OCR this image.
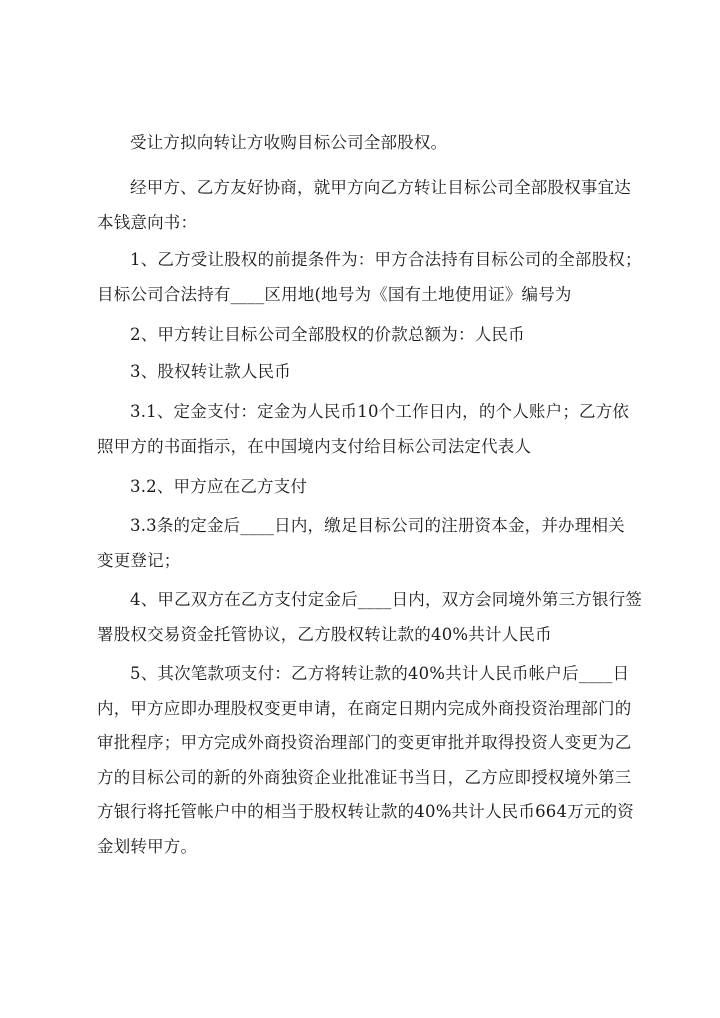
受让方拟向转让方收购目标公司全部股权。
经甲方、乙方友好协商，就甲方向乙方转让目标公司全部股权事宜达
本钱意向书：
1、乙方受让股权的前提条件为：甲方合法持有目标公司的全部股权；
目标公司合法持有____区用地(地号为《国有土地使用证》编号为
2、甲方转让目标公司全部股权的价款总额为：人民币
3、股权转让款人民币
3.1、定金支付：定金为人民币10个工作日内，的个人账户；乙方依
照甲方的书面指示，在中国境内支付给目标公司法定代表人
3.2、甲方应在乙方支付
3.3条的定金后____日内，缴足目标公司的注册资本金，并办理相关
变更登记；
4、甲乙双方在乙方支付定金后____日内，双方会同境外第三方银行签
署股权交易资金托管协议，乙方股权转让款的40%共计人民币
5、其次笔款项支付：乙方将转让款的40%共计人民币帐户后____日
内，甲方应即办理股权变更申请，在商定日期内完成外商投资治理部门的
审批程序；甲方完成外商投资治理部门的变更审批并取得投资人变更为乙
方的目标公司的新的外商独资企业批准证书当日，乙方应即授权境外第三
方银行将托管帐户中的相当于股权转让款的40%共计人民币664万元的资
金划转甲方。
